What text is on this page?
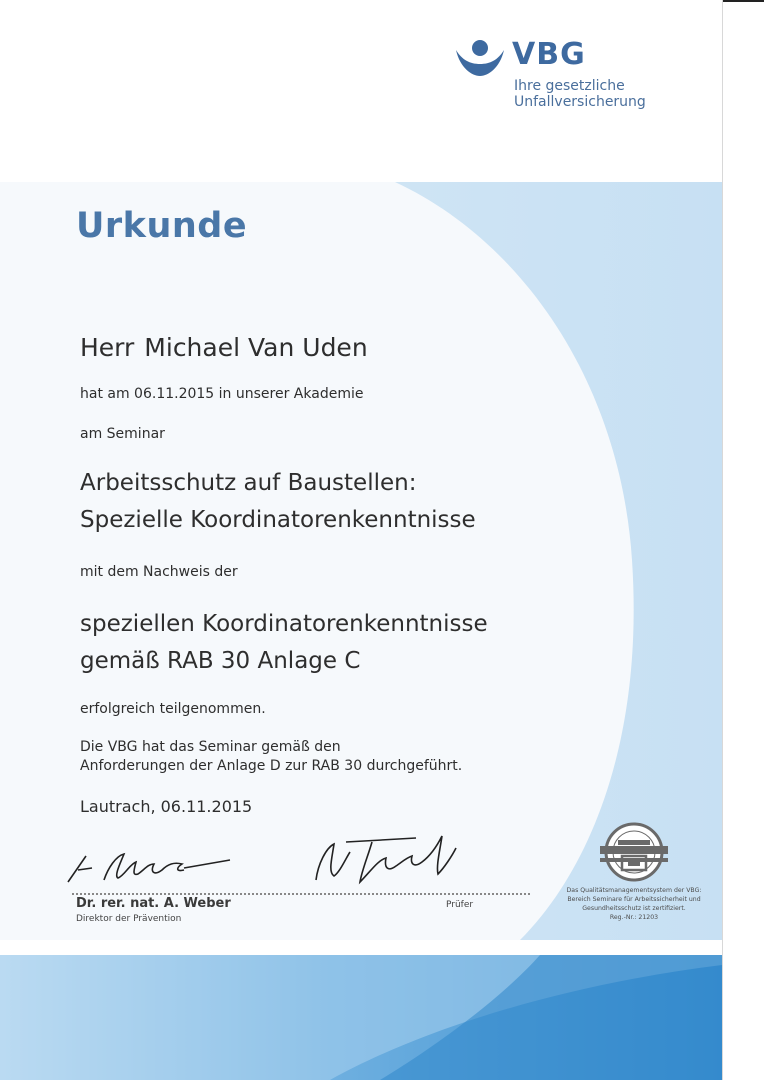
VBG
Ihre gesetzliche
Unfallversicherung
Urkunde
Herr Michael Van Uden
hat am 06.11.2015 in unserer Akademie
am Seminar
Arbeitsschutz auf Baustellen:
Spezielle Koordinatorenkenntnisse
mit dem Nachweis der
speziellen Koordinatorenkenntnisse
gemäß RAB 30 Anlage C
erfolgreich teilgenommen.
Die VBG hat das Seminar gemäß den
Anforderungen der Anlage D zur RAB 30 durchgeführt.
Lautrach, 06.11.2015
Dr. rer. nat. A. Weber
Direktor der Prävention
Prüfer
Das Qualitätsmanagementsystem der VBG:
Bereich Seminare für Arbeitssicherheit und
Gesundheitsschutz ist zertifiziert.
Reg.-Nr.: 21203
